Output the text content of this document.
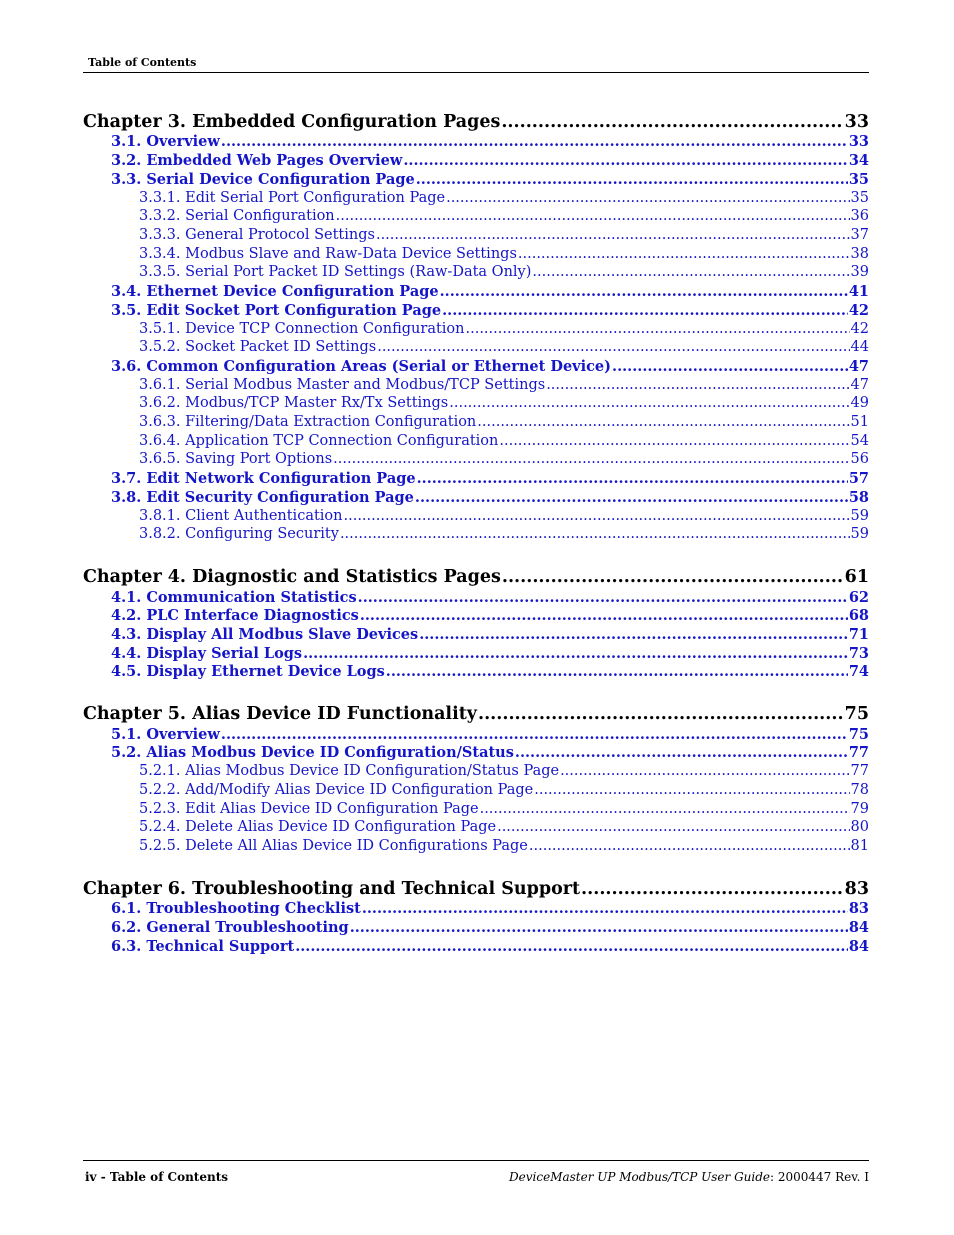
Table of Contents
Chapter 3. Embedded Configuration Pages .....	33
3.1. Overview .....	33
3.2. Embedded Web Pages Overview .....	34
3.3. Serial Device Configuration Page .....	35
3.3.1. Edit Serial Port Configuration Page .....	35
3.3.2. Serial Configuration .....	36
3.3.3. General Protocol Settings .....	37
3.3.4. Modbus Slave and Raw-Data Device Settings .....	38
3.3.5. Serial Port Packet ID Settings (Raw-Data Only) .....	39
3.4. Ethernet Device Configuration Page .....	41
3.5. Edit Socket Port Configuration Page .....	42
3.5.1. Device TCP Connection Configuration .....	42
3.5.2. Socket Packet ID Settings .....	44
3.6. Common Configuration Areas (Serial or Ethernet Device) .....	47
3.6.1. Serial Modbus Master and Modbus/TCP Settings .....	47
3.6.2. Modbus/TCP Master Rx/Tx Settings .....	49
3.6.3. Filtering/Data Extraction Configuration .....	51
3.6.4. Application TCP Connection Configuration .....	54
3.6.5. Saving Port Options .....	56
3.7. Edit Network Configuration Page .....	57
3.8. Edit Security Configuration Page .....	58
3.8.1. Client Authentication .....	59
3.8.2. Configuring Security .....	59
Chapter 4. Diagnostic and Statistics Pages .....	61
4.1. Communication Statistics .....	62
4.2. PLC Interface Diagnostics .....	68
4.3. Display All Modbus Slave Devices .....	71
4.4. Display Serial Logs .....	73
4.5. Display Ethernet Device Logs .....	74
Chapter 5. Alias Device ID Functionality .....	75
5.1. Overview .....	75
5.2. Alias Modbus Device ID Configuration/Status .....	77
5.2.1. Alias Modbus Device ID Configuration/Status Page .....	77
5.2.2. Add/Modify Alias Device ID Configuration Page .....	78
5.2.3. Edit Alias Device ID Configuration Page .....	79
5.2.4. Delete Alias Device ID Configuration Page .....	80
5.2.5. Delete All Alias Device ID Configurations Page .....	81
Chapter 6. Troubleshooting and Technical Support .....	83
6.1. Troubleshooting Checklist .....	83
6.2. General Troubleshooting .....	84
6.3. Technical Support .....	84
iv - Table of Contents	DeviceMaster UP Modbus/TCP User Guide: 2000447 Rev. I
